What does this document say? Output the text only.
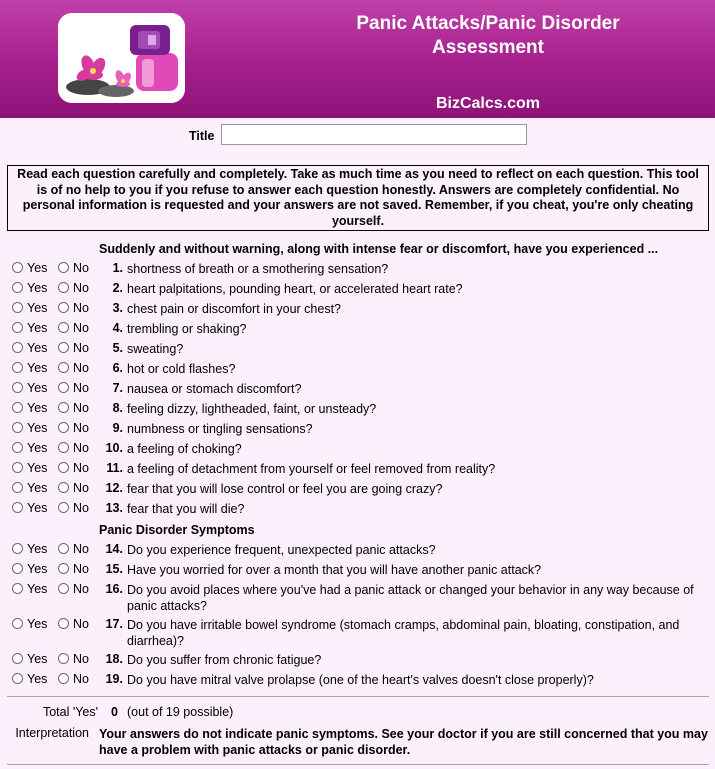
Panic Attacks/Panic Disorder
Assessment
BizCalcs.com
Title
Read each question carefully and completely. Take as much time as you need to reflect on each question. This tool is of no help to you if you refuse to answer each question honestly. Answers are completely confidential. No personal information is requested and your answers are not saved. Remember, if you cheat, you're only cheating yourself.
Suddenly and without warning, along with intense fear or discomfort, have you experienced ...
Yes No	1. shortness of breath or a smothering sensation?
Yes No	2. heart palpitations, pounding heart, or accelerated heart rate?
Yes No	3. chest pain or discomfort in your chest?
Yes No	4. trembling or shaking?
Yes No	5. sweating?
Yes No	6. hot or cold flashes?
Yes No	7. nausea or stomach discomfort?
Yes No	8. feeling dizzy, lightheaded, faint, or unsteady?
Yes No	9. numbness or tingling sensations?
Yes No	10. a feeling of choking?
Yes No	11. a feeling of detachment from yourself or feel removed from reality?
Yes No	12. fear that you will lose control or feel you are going crazy?
Yes No	13. fear that you will die?
Yes No	14. Do you experience frequent, unexpected panic attacks?
Yes No	15. Have you worried for over a month that you will have another panic attack?
Yes No	16. Do you avoid places where you've had a panic attack or changed your behavior in any way because of panic attacks?
Yes No	17. Do you have irritable bowel syndrome (stomach cramps, abdominal pain, bloating, constipation, and diarrhea)?
Yes No	18. Do you suffer from chronic fatigue?
Yes No	19. Do you have mitral valve prolapse (one of the heart's valves doesn't close properly)?
Panic Disorder Symptoms
Total 'Yes' 0 (out of 19 possible)
Interpretation Your answers do not indicate panic symptoms. See your doctor if you are still concerned that you may have a problem with panic attacks or panic disorder.
